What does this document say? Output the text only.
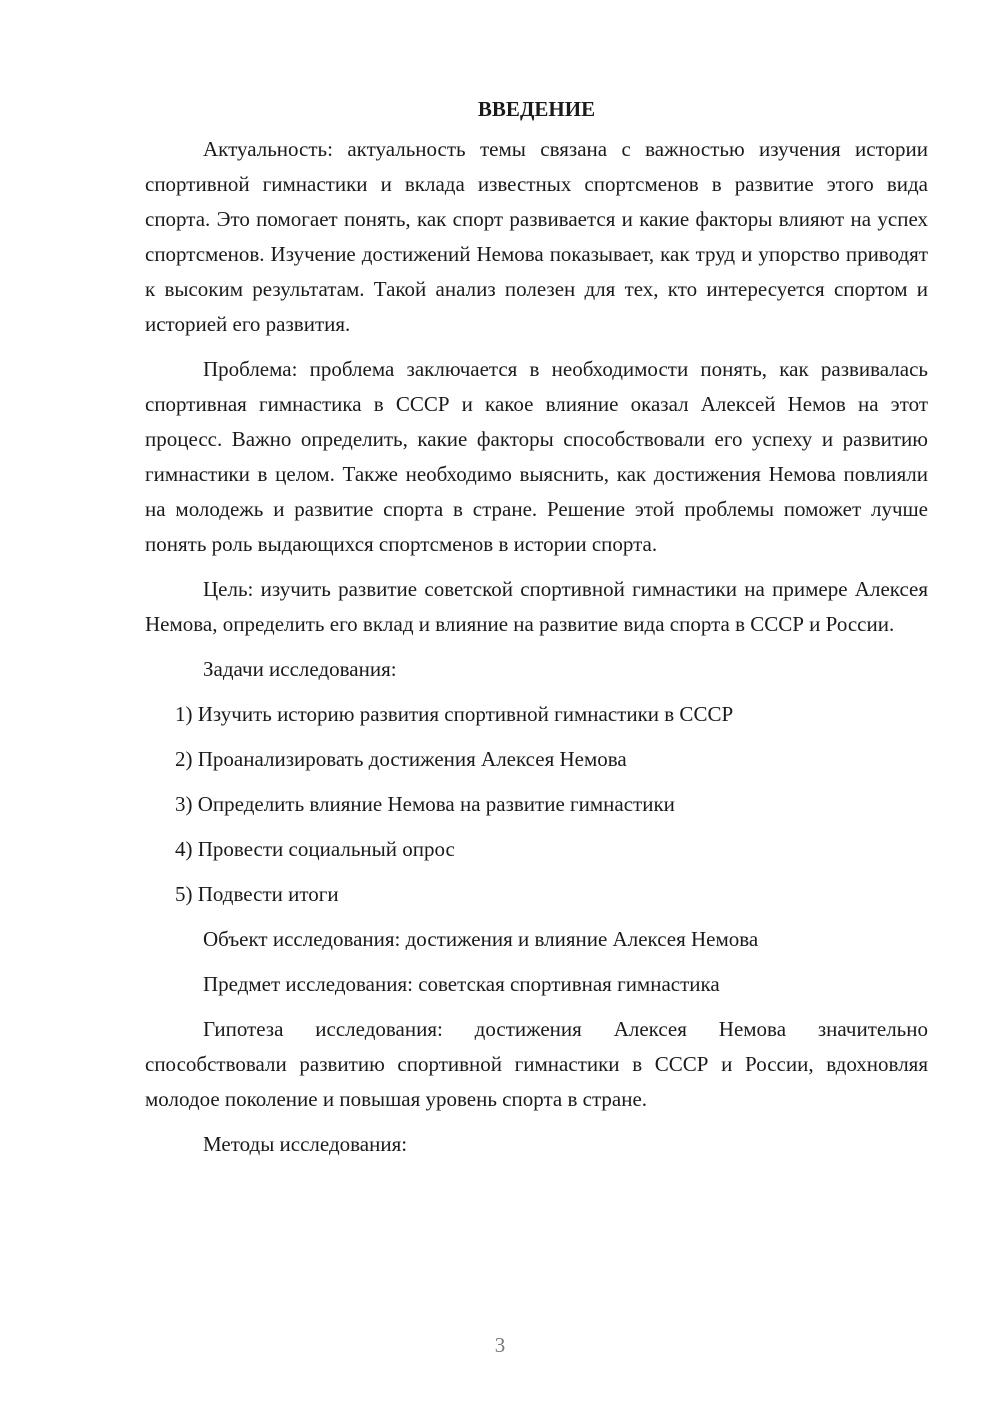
ВВЕДЕНИЕ

Актуальность: актуальность темы связана с важностью изучения истории спортивной гимнастики и вклада известных спортсменов в развитие этого вида спорта. Это помогает понять, как спорт развивается и какие факторы влияют на успех спортсменов. Изучение достижений Немова показывает, как труд и упорство приводят к высоким результатам. Такой анализ полезен для тех, кто интересуется спортом и историей его развития.

Проблема: проблема заключается в необходимости понять, как развивалась спортивная гимнастика в СССР и какое влияние оказал Алексей Немов на этот процесс. Важно определить, какие факторы способствовали его успеху и развитию гимнастики в целом. Также необходимо выяснить, как достижения Немова повлияли на молодежь и развитие спорта в стране. Решение этой проблемы поможет лучше понять роль выдающихся спортсменов в истории спорта.

Цель: изучить развитие советской спортивной гимнастики на примере Алексея Немова, определить его вклад и влияние на развитие вида спорта в СССР и России.

Задачи исследования:

1) Изучить историю развития спортивной гимнастики в СССР
2) Проанализировать достижения Алексея Немова
3) Определить влияние Немова на развитие гимнастики
4) Провести социальный опрос
5) Подвести итоги

Объект исследования: достижения и влияние Алексея Немова

Предмет исследования: советская спортивная гимнастика

Гипотеза исследования: достижения Алексея Немова значительно способствовали развитию спортивной гимнастики в СССР и России, вдохновляя молодое поколение и повышая уровень спорта в стране.

Методы исследования:

3
